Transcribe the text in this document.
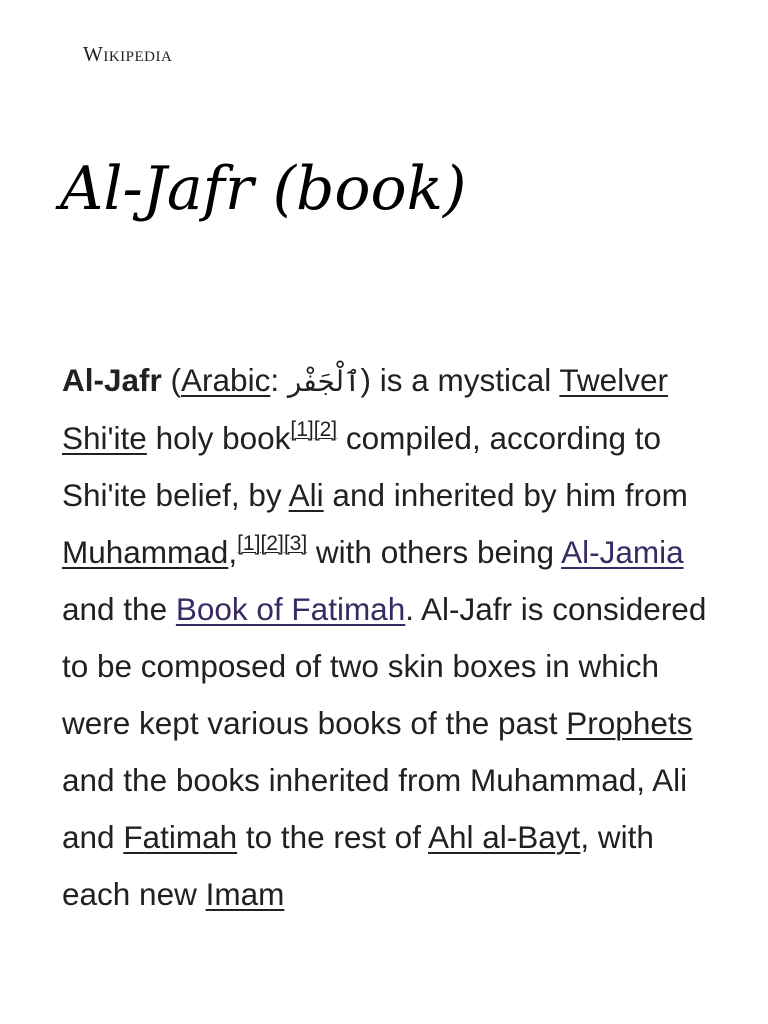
Wikipedia
Al-Jafr (book)

Al-Jafr (Arabic: ٱلْجَفْر) is a mystical Twelver Shi'ite holy book[1][2] compiled, according to Shi'ite belief, by Ali and inherited by him from Muhammad,[1][2][3] with others being Al-Jamia and the Book of Fatimah. Al-Jafr is considered to be composed of two skin boxes in which were kept various books of the past Prophets and the books inherited from Muhammad, Ali and Fatimah to the rest of Ahl al-Bayt, with each new Imam
